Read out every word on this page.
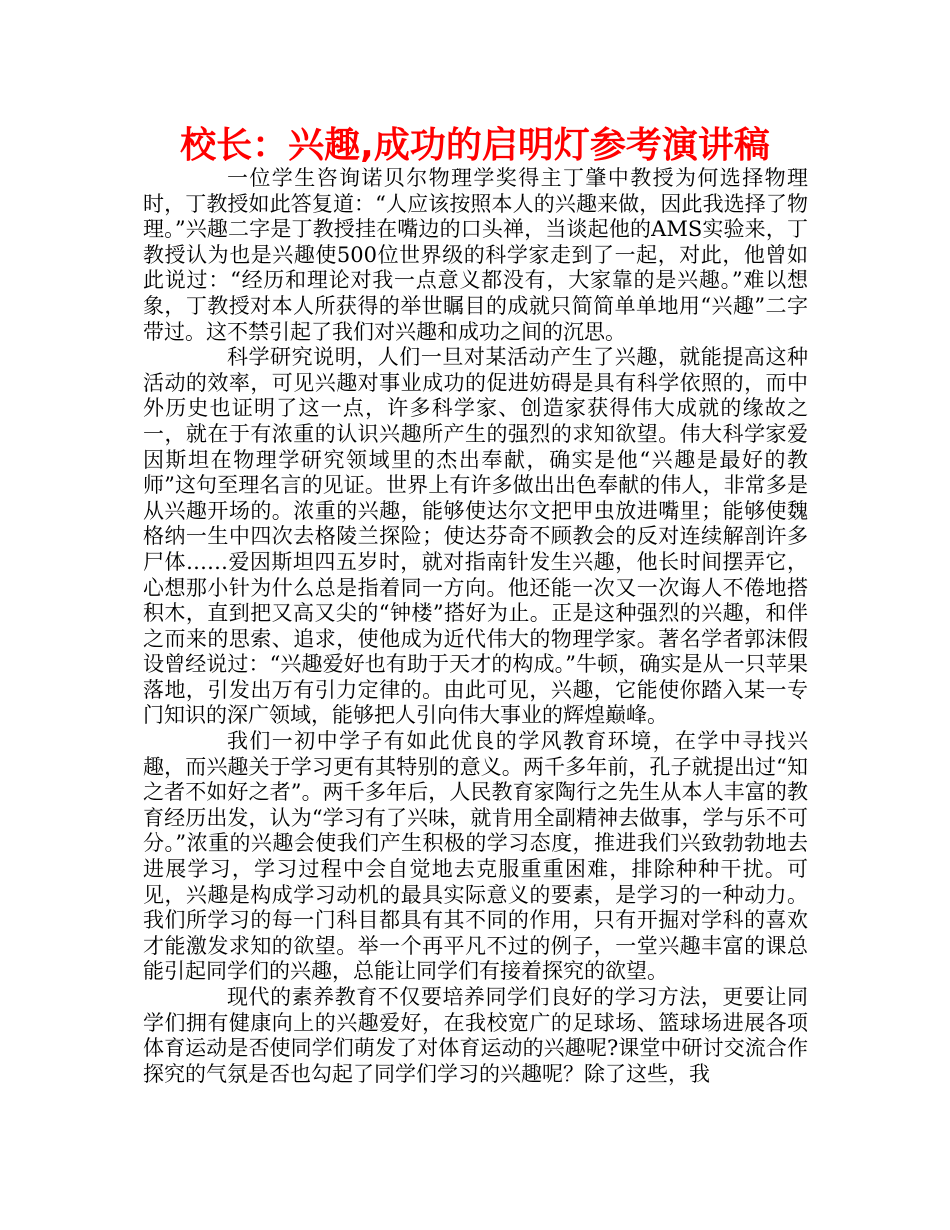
校长：兴趣,成功的启明灯参考演讲稿

一位学生咨询诺贝尔物理学奖得主丁肇中教授为何选择物理时，丁教授如此答复道：“人应该按照本人的兴趣来做，因此我选择了物理。”兴趣二字是丁教授挂在嘴边的口头禅，当谈起他的AMS实验来，丁教授认为也是兴趣使500位世界级的科学家走到了一起，对此，他曾如此说过：“经历和理论对我一点意义都没有，大家靠的是兴趣。”难以想象，丁教授对本人所获得的举世瞩目的成就只简简单单地用“兴趣”二字带过。这不禁引起了我们对兴趣和成功之间的沉思。

科学研究说明，人们一旦对某活动产生了兴趣，就能提高这种活动的效率，可见兴趣对事业成功的促进妨碍是具有科学依照的，而中外历史也证明了这一点，许多科学家、创造家获得伟大成就的缘故之一，就在于有浓重的认识兴趣所产生的强烈的求知欲望。伟大科学家爱因斯坦在物理学研究领域里的杰出奉献，确实是他“兴趣是最好的教师”这句至理名言的见证。世界上有许多做出出色奉献的伟人，非常多是从兴趣开场的。浓重的兴趣，能够使达尔文把甲虫放进嘴里；能够使魏格纳一生中四次去格陵兰探险；使达芬奇不顾教会的反对连续解剖许多尸体……爱因斯坦四五岁时，就对指南针发生兴趣，他长时间摆弄它，心想那小针为什么总是指着同一方向。他还能一次又一次诲人不倦地搭积木，直到把又高又尖的“钟楼”搭好为止。正是这种强烈的兴趣，和伴之而来的思索、追求，使他成为近代伟大的物理学家。著名学者郭沫假设曾经说过：“兴趣爱好也有助于天才的构成。”牛顿，确实是从一只苹果落地，引发出万有引力定律的。由此可见，兴趣，它能使你踏入某一专门知识的深广领域，能够把人引向伟大事业的辉煌巅峰。

我们一初中学子有如此优良的学风教育环境，在学中寻找兴趣，而兴趣关于学习更有其特别的意义。两千多年前，孔子就提出过“知之者不如好之者”。两千多年后，人民教育家陶行之先生从本人丰富的教育经历出发，认为“学习有了兴味，就肯用全副精神去做事，学与乐不可分。”浓重的兴趣会使我们产生积极的学习态度，推进我们兴致勃勃地去进展学习，学习过程中会自觉地去克服重重困难，排除种种干扰。可见，兴趣是构成学习动机的最具实际意义的要素，是学习的一种动力。我们所学习的每一门科目都具有其不同的作用，只有开掘对学科的喜欢才能激发求知的欲望。举一个再平凡不过的例子，一堂兴趣丰富的课总能引起同学们的兴趣，总能让同学们有接着探究的欲望。

现代的素养教育不仅要培养同学们良好的学习方法，更要让同学们拥有健康向上的兴趣爱好，在我校宽广的足球场、篮球场进展各项体育运动是否使同学们萌发了对体育运动的兴趣呢?课堂中研讨交流合作探究的气氛是否也勾起了同学们学习的兴趣呢？除了这些，我
